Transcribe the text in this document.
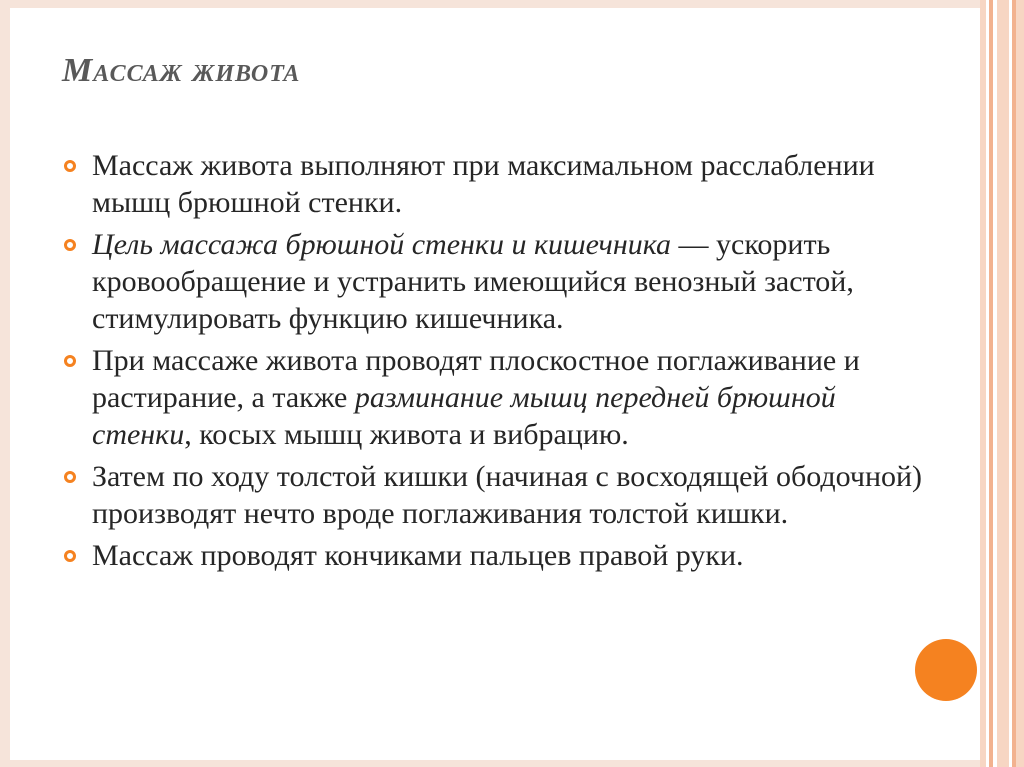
Массаж живота
Массаж живота выполняют при максимальном расслаблении мышц брюшной стенки.
Цель массажа брюшной стенки и кишечника — ускорить кровообращение и устранить имеющийся венозный застой, стимулировать функцию кишечника.
При массаже живота проводят плоскостное поглаживание и растирание, а также разминание мышц передней брюшной стенки, косых мышц живота и вибрацию.
Затем по ходу толстой кишки (начиная с восходящей ободочной) производят нечто вроде поглаживания толстой кишки.
Массаж проводят кончиками пальцев правой руки.
